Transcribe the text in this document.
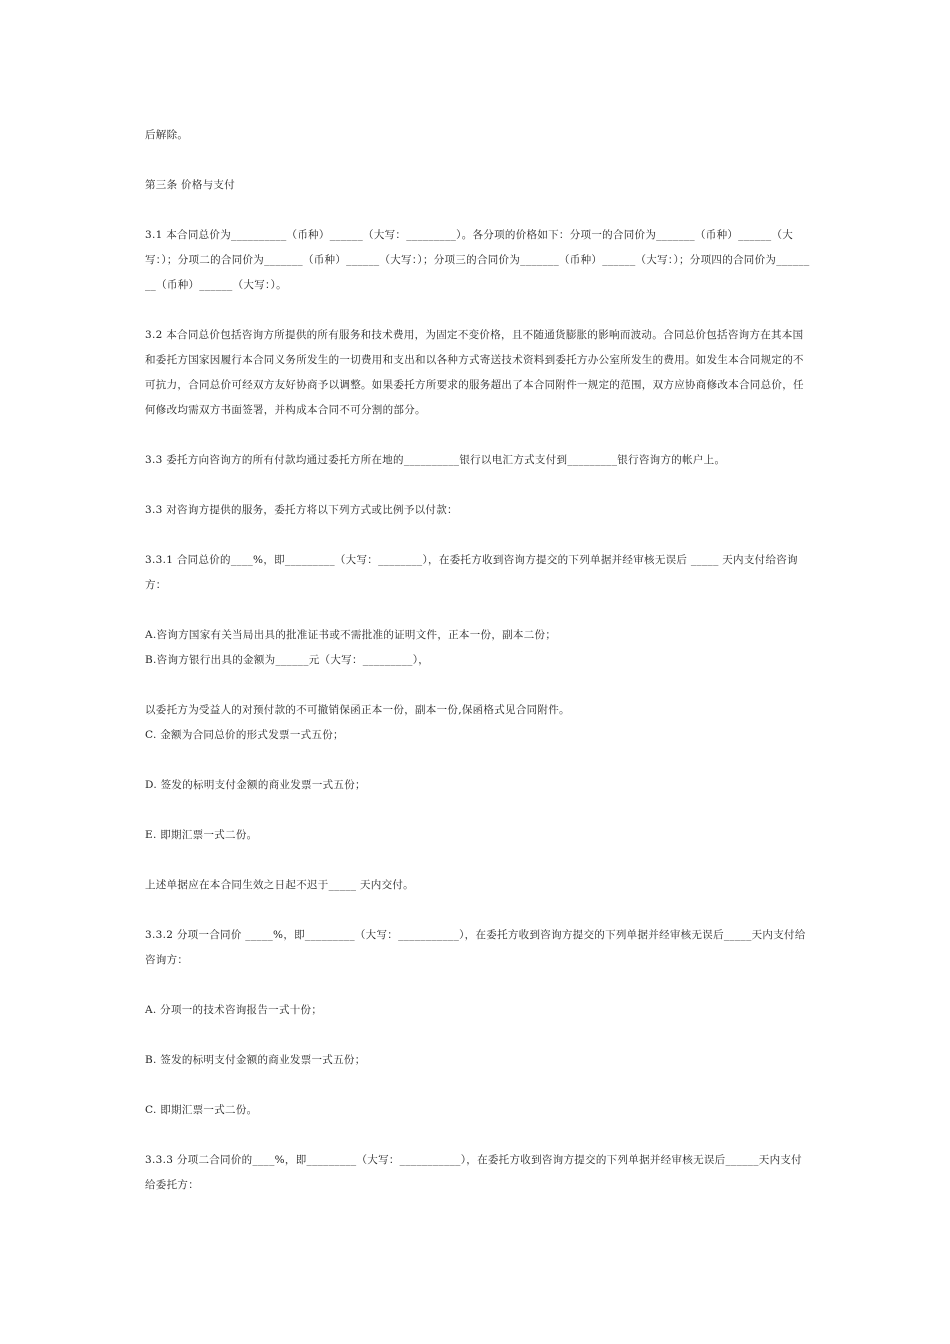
后解除。

第三条 价格与支付

3.1 本合同总价为__________（币种）______（大写：_________）。各分项的价格如下：分项一的合同价为_______（币种）______（大写：）；分项二的合同价为_______（币种）______（大写：）；分项三的合同价为_______（币种）______（大写：）；分项四的合同价为________（币种）______（大写：）。

3.2 本合同总价包括咨询方所提供的所有服务和技术费用，为固定不变价格，且不随通货膨胀的影响而波动。合同总价包括咨询方在其本国和委托方国家因履行本合同义务所发生的一切费用和支出和以各种方式寄送技术资料到委托方办公室所发生的费用。如发生本合同规定的不可抗力，合同总价可经双方友好协商予以调整。如果委托方所要求的服务超出了本合同附件一规定的范围，双方应协商修改本合同总价，任何修改均需双方书面签署，并构成本合同不可分割的部分。

3.3 委托方向咨询方的所有付款均通过委托方所在地的__________银行以电汇方式支付到_________银行咨询方的帐户上。

3.3 对咨询方提供的服务，委托方将以下列方式或比例予以付款：

3.3.1 合同总价的____%，即_________（大写：________），在委托方收到咨询方提交的下列单据并经审核无误后 _____ 天内支付给咨询方：

A.咨询方国家有关当局出具的批准证书或不需批准的证明文件，正本一份，副本二份；

B.咨询方银行出具的金额为______元（大写：_________），

以委托方为受益人的对预付款的不可撤销保函正本一份，副本一份,保函格式见合同附件。

C. 金额为合同总价的形式发票一式五份；

D. 签发的标明支付金额的商业发票一式五份；

E. 即期汇票一式二份。

上述单据应在本合同生效之日起不迟于_____ 天内交付。

3.3.2 分项一合同价 _____%，即_________（大写：___________），在委托方收到咨询方提交的下列单据并经审核无误后_____天内支付给咨询方：

A. 分项一的技术咨询报告一式十份；

B. 签发的标明支付金额的商业发票一式五份；

C. 即期汇票一式二份。

3.3.3 分项二合同价的____%，即_________（大写：___________），在委托方收到咨询方提交的下列单据并经审核无误后______天内支付给委托方：
